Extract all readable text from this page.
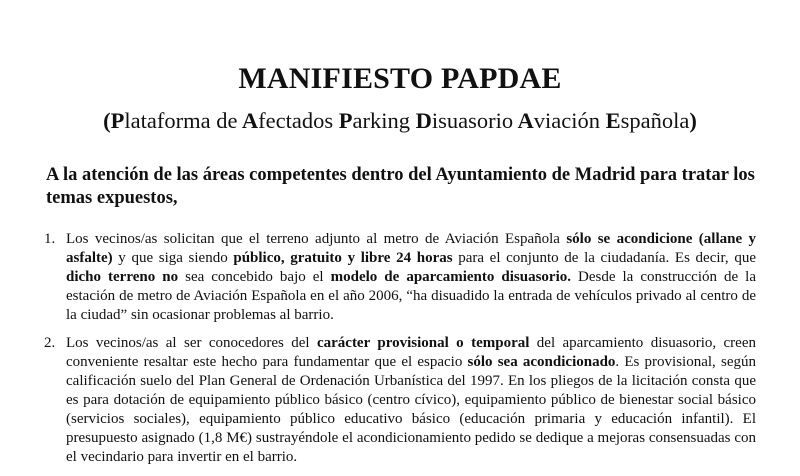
MANIFIESTO PAPDAE
(Plataforma de Afectados Parking Disuasorio Aviación Española)

A la atención de las áreas competentes dentro del Ayuntamiento de Madrid para tratar los temas expuestos,

1. Los vecinos/as solicitan que el terreno adjunto al metro de Aviación Española sólo se acondicione (allane y asfalte) y que siga siendo público, gratuito y libre 24 horas para el conjunto de la ciudadanía. Es decir, que dicho terreno no sea concebido bajo el modelo de aparcamiento disuasorio. Desde la construcción de la estación de metro de Aviación Española en el año 2006, “ha disuadido la entrada de vehículos privado al centro de la ciudad” sin ocasionar problemas al barrio.
2. Los vecinos/as al ser conocedores del carácter provisional o temporal del aparcamiento disuasorio, creen conveniente resaltar este hecho para fundamentar que el espacio sólo sea acondicionado. Es provisional, según calificación suelo del Plan General de Ordenación Urbanística del 1997. En los pliegos de la licitación consta que es para dotación de equipamiento público básico (centro cívico), equipamiento público de bienestar social básico (servicios sociales), equipamiento público educativo básico (educación primaria y educación infantil). El presupuesto asignado (1,8 M€) sustrayéndole el acondicionamiento pedido se dedique a mejoras consensuadas con el vecindario para invertir en el barrio.
